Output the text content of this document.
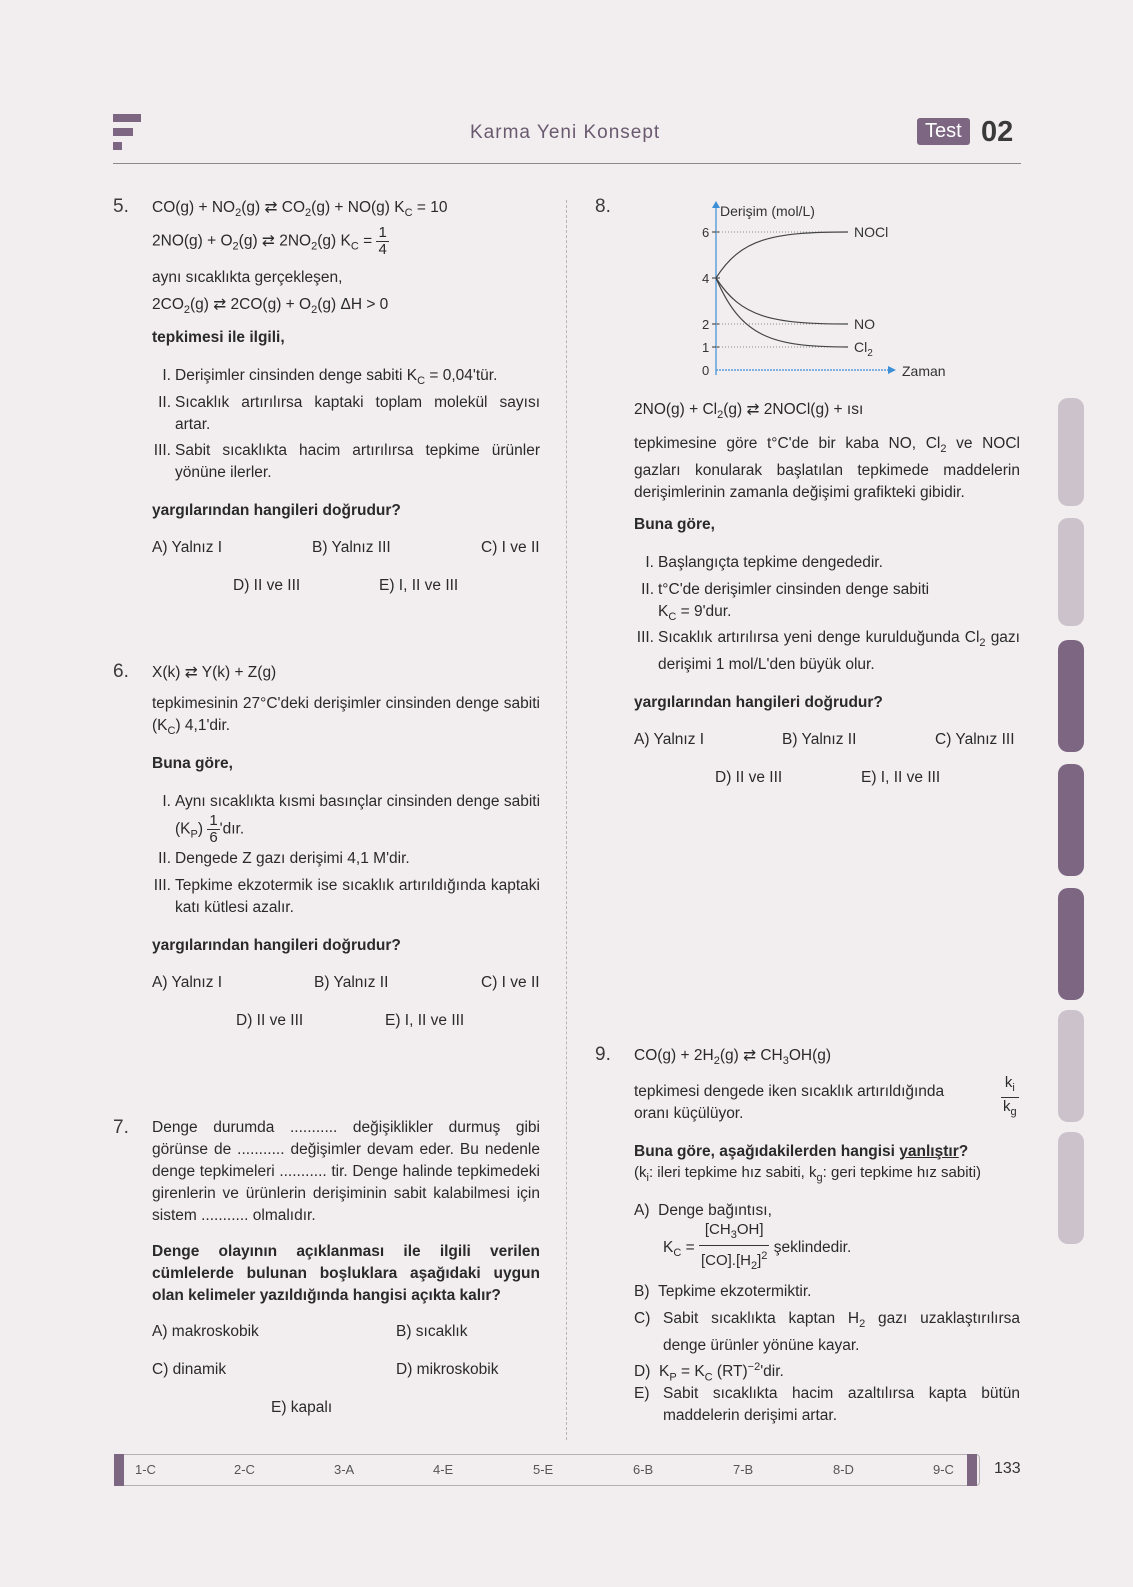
Karma Yeni Konsept	Test 02
5. $CO(g) + NO_2(g)$ ⇄ $CO_2(g) + NO(g) K_C = 10$
$2NO(g) + O_2(g)$ ⇄ $2NO_2(g) K_C = \frac{1}{4}$
aynı sıcaklıkta gerçekleşen,
$2CO_2(g)$ ⇄ $2CO(g) + O_2(g) \Delta H > 0$
tepkimesi ile ilgili,
I. Derişimler cinsinden denge sabiti $K_C$ = 0,04'tür.
II. Sıcaklık artırılırsa kaptaki toplam molekül sayısı artar.
III. Sabit sıcaklıkta hacim artırılırsa tepkime ürünler yönüne ilerler.
yargılarından hangileri doğrudur?
A) Yalnız I	B) Yalnız III	C) I ve II
D) II ve III	E) I, II ve III
6. X(k) ⇄ Y(k) + Z(g)
tepkimesinin 27°C'deki derişimler cinsinden denge sabiti $(K_C)$ 4,1'dir.
Buna göre,
I. Aynı sıcaklıkta kısmi basınçlar cinsinden denge sabiti $(K_P) \frac{1}{6}$ 'dır.
II. Dengede Z gazı derişimi 4,1 M'dir.
III. Tepkime ekzotermik ise sıcaklık artırıldığında kaptaki katı kütlesi azalır.
yargılarından hangileri doğrudur?
A) Yalnız I	B) Yalnız II	C) I ve II
D) II ve III	E) I, II ve III
7. Denge durumda ........... değişiklikler durmuş gibi görünse de ........... değişimler devam eder. Bu nedenle denge tepkimeleri ........... tir. Denge halinde tepkimedeki girenlerin ve ürünlerin derişiminin sabit kalabilmesi için sistem ........... olmalıdır.
Denge olayının açıklanması ile ilgili verilen cümlelerde bulunan boşluklara aşağıdaki uygun olan kelimeler yazıldığında hangisi açıkta kalır?
A) makroskobik	B) sıcaklık
C) dinamik	D) mikroskobik
E) kapalı
8.
0
1
2
4
6	NOCl
NO
$Cl_2$
Derişim (mol/L)
Zaman
$2NO(g) + Cl_2(g)$ ⇄ 2NOCl(g) + ısı
tepkimesine göre t°C'de bir kaba NO, $Cl_2$ ve NOCl gazları konularak başlatılan tepkimede maddelerin derişimlerinin zamanla değişimi grafikteki gibidir.
Buna göre,
I. Başlangıçta tepkime dengededir.
II. t°C'de derişimler cinsinden denge sabiti
$K_C = 9'dur$.
III. Sıcaklık artırılırsa yeni denge kurulduğunda $Cl_2$ gazı derişimi 1 mol/L'den büyük olur.
yargılarından hangileri doğrudur?
A) Yalnız I	B) Yalnız II	C) Yalnız III
D) II ve III	E) I, II ve III
9. $CO(g) + 2H_2(g)$ ⇄ $CH_3OH(g)$
tepkimesi dengede iken sıcaklık artırıldığında
oranı küçülüyor.	$\frac{k_i}{k_g}$
Buna göre, aşağıdakilerden hangisi yanlıştır?
($k_i$: ileri tepkime hız sabiti, $k_g$: geri tepkime hız sabiti)
A) Denge bağıntısı,
$K_C = \frac{[CH_3OH]}{[CO].[H_2]^2}$ şeklindedir.
B)  Tepkime ekzotermiktir.
C) Sabit sıcaklıkta kaptan $H_2$ gazı uzaklaştırılırsa denge ürünler yönüne kayar.
D)  $K_P = K_C$ (RT)$^{-2}$'dir.
E) Sabit sıcaklıkta hacim azaltılırsa kapta bütün maddelerin derişimi artar.
1-C	2-C	3-A	4-E	5-E	6-B	7-B	8-D	9-C	133
